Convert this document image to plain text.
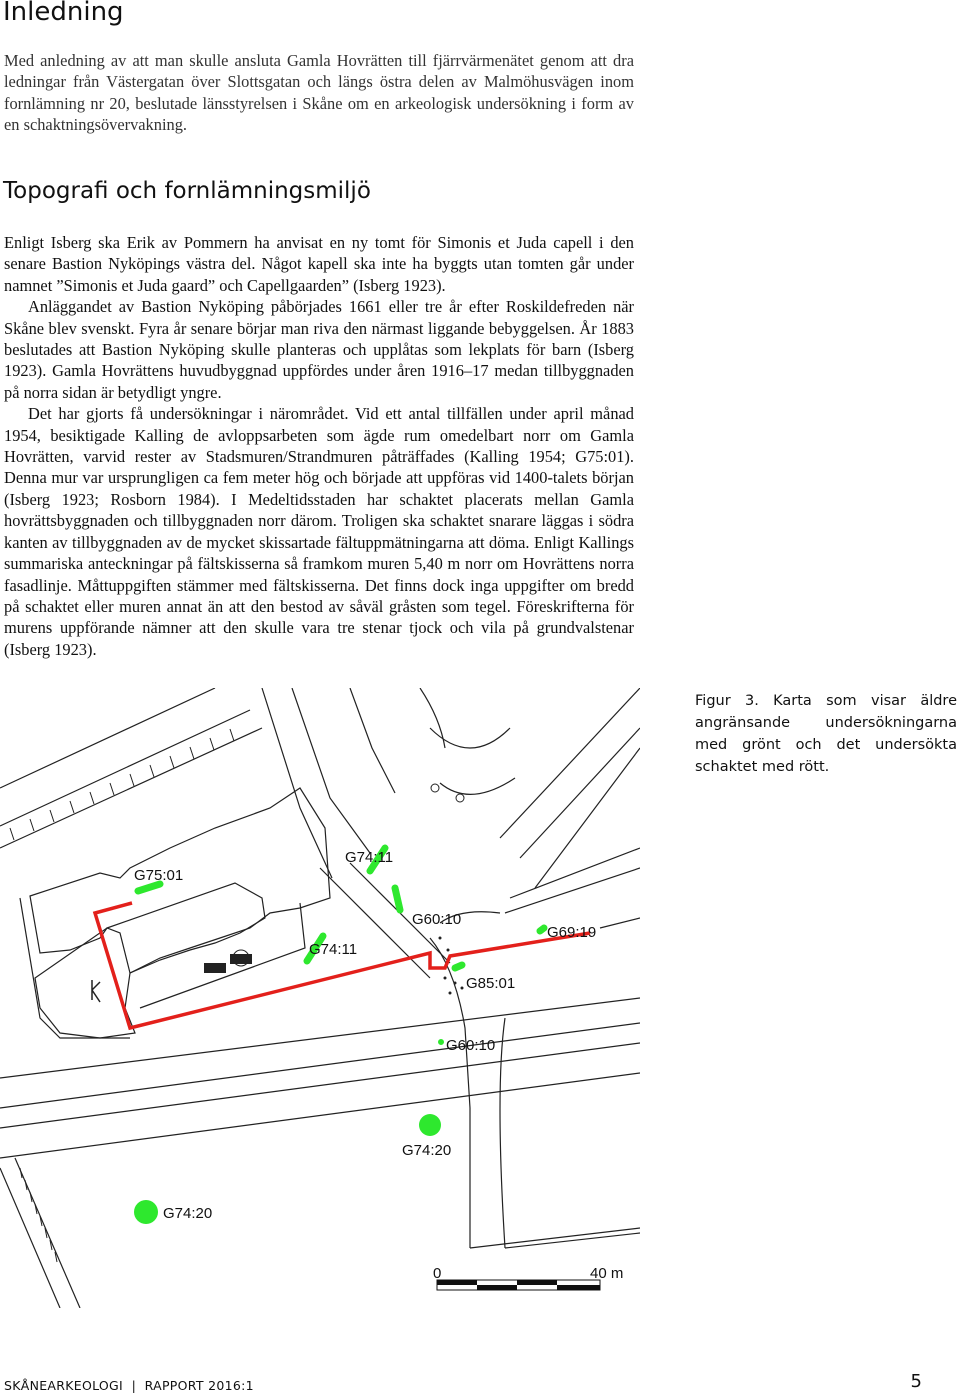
Inledning
Med anledning av att man skulle ansluta Gamla Hovrätten till fjärrvärmenätet genom att dra ledningar från Västergatan över Slottsgatan och längs östra delen av Malmöhusvägen inom fornlämning nr 20, beslutade länsstyrelsen i Skåne om en arkeologisk undersökning i form av en schaktningsövervakning.
Topografi och fornlämningsmiljö

Enligt Isberg ska Erik av Pommern ha anvisat en ny tomt för Simonis et Juda capell i den senare Bastion Nyköpings västra del. Något kapell ska inte ha byggts utan tomten går under namnet ”Simonis et Juda gaard” och Capellgaarden” (Isberg 1923).

Anläggandet av Bastion Nyköping påbörjades 1661 eller tre år efter Roskildefreden när Skåne blev svenskt. Fyra år senare börjar man riva den närmast liggande bebyggelsen. År 1883 beslutades att Bastion Nyköping skulle planteras och upplåtas som lekplats för barn (Isberg 1923). Gamla Hovrättens huvudbyggnad uppfördes under åren 1916–17 medan tillbyggnaden på norra sidan är betydligt yngre.

Det har gjorts få undersökningar i närområdet. Vid ett antal tillfällen under april månad 1954, besiktigade Kalling de avloppsarbeten som ägde rum omedelbart norr om Gamla Hovrätten, varvid rester av Stadsmuren/Strandmuren påträffades (Kalling 1954; G75:01). Denna mur var ursprungligen ca fem meter hög och började att uppföras vid 1400-talets början (Isberg 1923; Rosborn 1984). I Medeltidsstaden har schaktet placerats mellan Gamla hovrättsbyggnaden och tillbyggnaden norr därom. Troligen ska schaktet snarare läggas i södra kanten av tillbyggnaden av de mycket skissartade fältuppmätningarna att döma. Enligt Kallings summariska anteckningar på fältskisserna så framkom muren 5,40 m norr om Hovrättens norra fasadlinje. Måttuppgiften stämmer med fältskisserna. Det finns dock inga uppgifter om bredd på schaktet eller muren annat än att den bestod av såväl gråsten som tegel. Föreskrifterna för murens uppförande nämner att den skulle vara tre stenar tjock och vila på grundvalstenar (Isberg 1923).

Figur 3. Karta som visar äldre angränsande undersökningarna med grönt och det undersökta schaktet med rött.
G75:01
G74:11
G60:10
G74:11
G69:19
G85:01
G60:10
G74:20
G74:20
0	40 m
SKÅNEARKEOLOGI  |  RAPPORT 2016:1	5
